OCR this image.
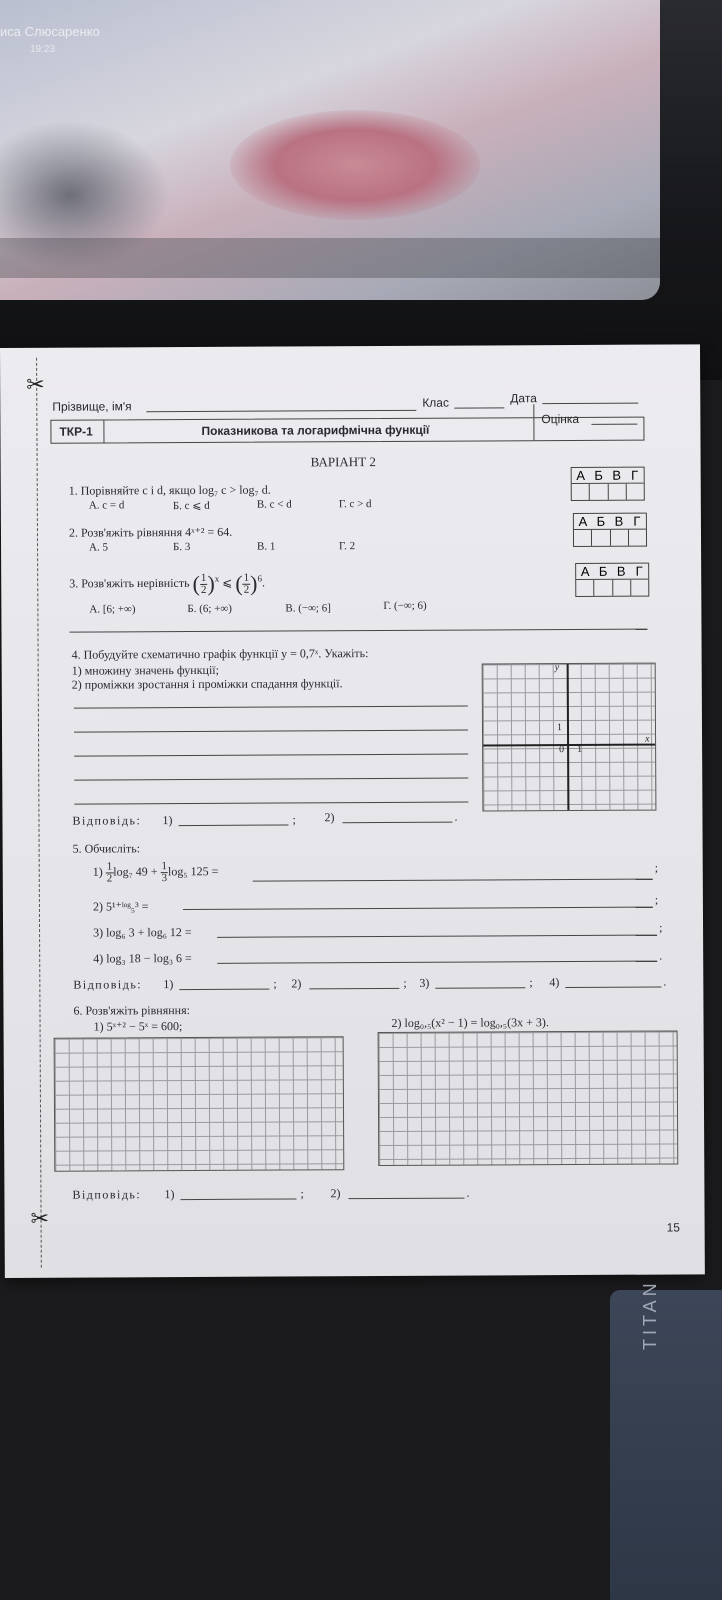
иса Слюсаренко
19:23
✂
✂
Прізвище, ім'я	Клас	Дата
ТКР-1	Показникова та логарифмічна функції
Оцінка
ВАРІАНТ 2
1. Порівняйте c і d, якщо log₇ c > log₇ d.
А. c = d	Б. c ⩽ d	В. c < d	Г. c > d
А Б В Г
2. Розв'яжіть рівняння 4ˣ⁺² = 64.
А. 5	Б. 3	В. 1	Г. 2
А Б В Г
3. Розв'яжіть нерівність ( $\frac{1}{2} )^x$ ⩽ ( $\frac{1}{2} )^6$.
А. [6; +∞)	Б. (6; +∞)	В. (−∞; 6]	Г. (−∞; 6)
А Б В Г
4. Побудуйте схематично графік функції y = 0,7ˣ. Укажіть:
1) множину значень функції;
2) проміжки зростання і проміжки спадання функції.
y
x
1
0 1
Відповідь: 1)	; 2)	.
5. Обчисліть:
$1) \frac{1}{2} \log_7$ $49 + \frac{1}{3} \log_5$ 125 =	;
2) 5¹⁺ˡᵒᵍ₅³ =	;
3) log₆ 3 + log₆ 12 =	;
4) log₃ 18 − log₃ 6 =	.
Відповідь: 1)	; 2)	; 3)	; 4)	.
6. Розв'яжіть рівняння:
1) 5ˣ⁺² − 5ˣ = 600;	2) log₀,₅(x² − 1) = log₀,₅(3x + 3).
Відповідь: 1)	; 2)	.
15
TITAN
